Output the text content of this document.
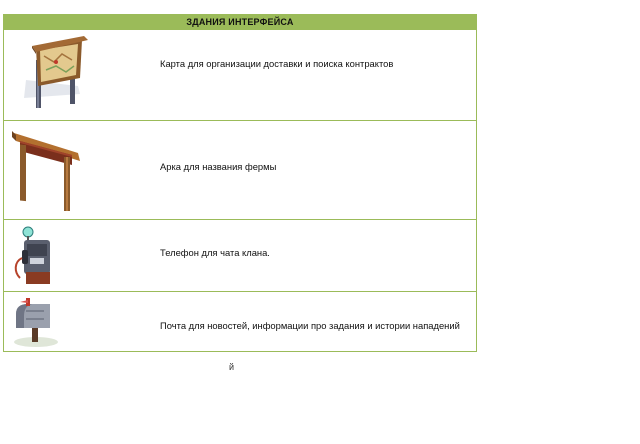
ЗДАНИЯ ИНТЕРФЕЙСА
Карта для организации доставки и поиска контрактов
Арка для названия фермы
Телефон для чата клана.
Почта для новостей, информации про задания и истории нападений
й
